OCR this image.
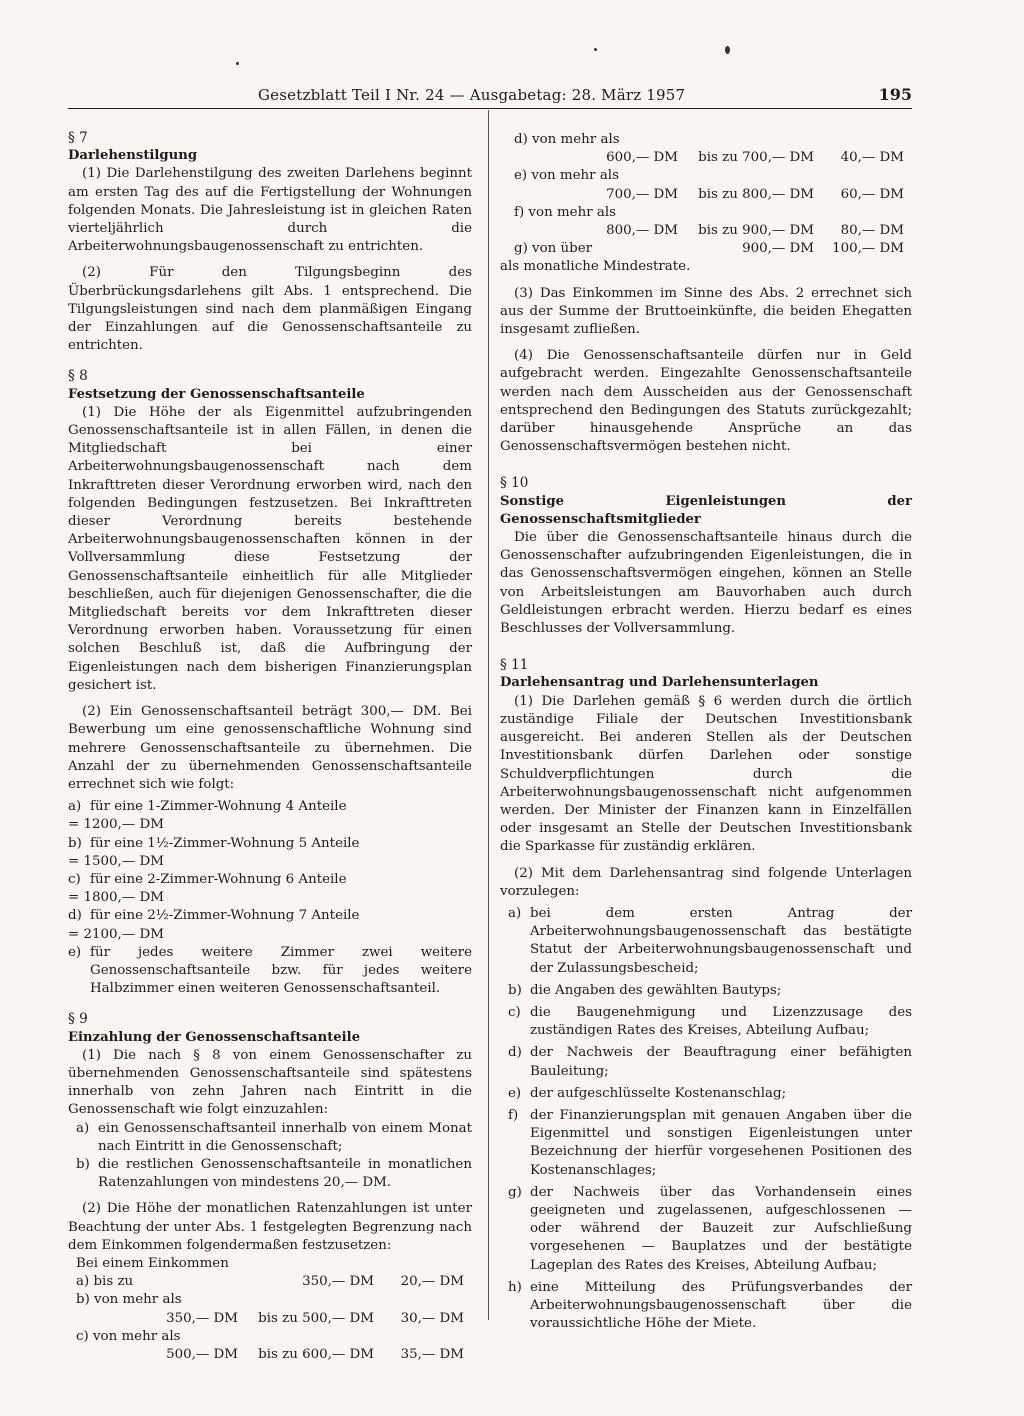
Gesetzblatt Teil I Nr. 24 — Ausgabetag: 28. März 1957	195

§ 7

Darlehenstilgung

(1) Die Darlehenstilgung des zweiten Darlehens beginnt am ersten Tag des auf die Fertigstellung der Wohnungen folgenden Monats. Die Jahresleistung ist in gleichen Raten vierteljährlich durch die Arbeiterwohnungsbaugenossenschaft zu entrichten.

(2) Für den Tilgungsbeginn des Überbrückungsdarlehens gilt Abs. 1 entsprechend. Die Tilgungsleistungen sind nach dem planmäßigen Eingang der Einzahlungen auf die Genossenschaftsanteile zu entrichten.

§ 8

Festsetzung der Genossenschaftsanteile

(1) Die Höhe der als Eigenmittel aufzubringenden Genossenschaftsanteile ist in allen Fällen, in denen die Mitgliedschaft bei einer Arbeiterwohnungsbaugenossenschaft nach dem Inkrafttreten dieser Verordnung erworben wird, nach den folgenden Bedingungen festzusetzen. Bei Inkrafttreten dieser Verordnung bereits bestehende Arbeiterwohnungsbaugenossenschaften können in der Vollversammlung diese Festsetzung der Genossenschaftsanteile einheitlich für alle Mitglieder beschließen, auch für diejenigen Genossenschafter, die die Mitgliedschaft bereits vor dem Inkrafttreten dieser Verordnung erworben haben. Voraussetzung für einen solchen Beschluß ist, daß die Aufbringung der Eigenleistungen nach dem bisherigen Finanzierungsplan gesichert ist.

(2) Ein Genossenschaftsanteil beträgt 300,— DM. Bei Bewerbung um eine genossenschaftliche Wohnung sind mehrere Genossenschaftsanteile zu übernehmen. Die Anzahl der zu übernehmenden Genossenschaftsanteile errechnet sich wie folgt:

a) für eine 1-Zimmer-Wohnung 4 Anteile

= 1200,— DM

b) für eine 1½-Zimmer-Wohnung 5 Anteile

= 1500,— DM

c) für eine 2-Zimmer-Wohnung 6 Anteile

= 1800,— DM

d) für eine 2½-Zimmer-Wohnung 7 Anteile

= 2100,— DM

e) für jedes weitere Zimmer zwei weitere Genossenschaftsanteile bzw. für jedes weitere Halbzimmer einen weiteren Genossenschaftsanteil.

§ 9

Einzahlung der Genossenschaftsanteile

(1) Die nach § 8 von einem Genossenschafter zu übernehmenden Genossenschaftsanteile sind spätestens innerhalb von zehn Jahren nach Eintritt in die Genossenschaft wie folgt einzuzahlen:

a) ein Genossenschaftsanteil innerhalb von einem Monat nach Eintritt in die Genossenschaft;
b) die restlichen Genossenschaftsanteile in monatlichen Ratenzahlungen von mindestens 20,— DM.

(2) Die Höhe der monatlichen Ratenzahlungen ist unter Beachtung der unter Abs. 1 festgelegten Begrenzung nach dem Einkommen folgendermaßen festzusetzen:

Bei einem Einkommen

a) bis zu	350,— DM	20,— DM
b) von mehr als
350,— DM	bis zu 500,— DM	30,— DM
c) von mehr als
500,— DM	bis zu 600,— DM	35,— DM
d) von mehr als
600,— DM	bis zu 700,— DM	40,— DM
e) von mehr als
700,— DM	bis zu 800,— DM	60,— DM
f) von mehr als
800,— DM	bis zu 900,— DM	80,— DM
g) von über	900,— DM	100,— DM

als monatliche Mindestrate.

(3) Das Einkommen im Sinne des Abs. 2 errechnet sich aus der Summe der Bruttoeinkünfte, die beiden Ehegatten insgesamt zufließen.

(4) Die Genossenschaftsanteile dürfen nur in Geld aufgebracht werden. Eingezahlte Genossenschaftsanteile werden nach dem Ausscheiden aus der Genossenschaft entsprechend den Bedingungen des Statuts zurückgezahlt; darüber hinausgehende Ansprüche an das Genossenschaftsvermögen bestehen nicht.

§ 10

Sonstige Eigenleistungen der Genossenschaftsmitglieder

Die über die Genossenschaftsanteile hinaus durch die Genossenschafter aufzubringenden Eigenleistungen, die in das Genossenschaftsvermögen eingehen, können an Stelle von Arbeitsleistungen am Bauvorhaben auch durch Geldleistungen erbracht werden. Hierzu bedarf es eines Beschlusses der Vollversammlung.

§ 11

Darlehensantrag und Darlehensunterlagen

(1) Die Darlehen gemäß § 6 werden durch die örtlich zuständige Filiale der Deutschen Investitionsbank ausgereicht. Bei anderen Stellen als der Deutschen Investitionsbank dürfen Darlehen oder sonstige Schuldverpflichtungen durch die Arbeiterwohnungsbaugenossenschaft nicht aufgenommen werden. Der Minister der Finanzen kann in Einzelfällen oder insgesamt an Stelle der Deutschen Investitionsbank die Sparkasse für zuständig erklären.

(2) Mit dem Darlehensantrag sind folgende Unterlagen vorzulegen:

a) bei dem ersten Antrag der Arbeiterwohnungsbaugenossenschaft das bestätigte Statut der Arbeiterwohnungsbaugenossenschaft und der Zulassungsbescheid;
b) die Angaben des gewählten Bautyps;
c) die Baugenehmigung und Lizenzzusage des zuständigen Rates des Kreises, Abteilung Aufbau;
d) der Nachweis der Beauftragung einer befähigten Bauleitung;
e) der aufgeschlüsselte Kostenanschlag;
f) der Finanzierungsplan mit genauen Angaben über die Eigenmittel und sonstigen Eigenleistungen unter Bezeichnung der hierfür vorgesehenen Positionen des Kostenanschlages;
g) der Nachweis über das Vorhandensein eines geeigneten und zugelassenen, aufgeschlossenen — oder während der Bauzeit zur Aufschließung vorgesehenen — Bauplatzes und der bestätigte Lageplan des Rates des Kreises, Abteilung Aufbau;
h) eine Mitteilung des Prüfungsverbandes der Arbeiterwohnungsbaugenossenschaft über die voraussichtliche Höhe der Miete.
